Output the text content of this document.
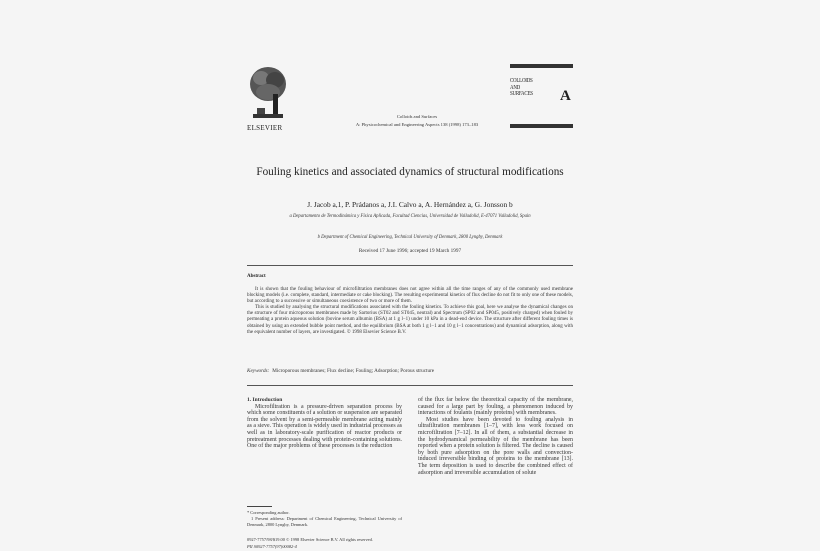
ELSEVIER
Colloids and Surfaces
A: Physicochemical and Engineering Aspects 138 (1998) 173–183
COLLOIDS
AND
SURFACES A
Fouling kinetics and associated dynamics of structural modifications
J. Jacob a,1, P. Prádanos a, J.I. Calvo a, A. Hernández a, G. Jonsson b
a Departamento de Termodinámica y Física Aplicada, Facultad Ciencias, Universidad de Valladolid, E-47071 Valladolid, Spain
b Department of Chemical Engineering, Technical University of Denmark, 2800 Lyngby, Denmark
Received 17 June 1996; accepted 19 March 1997
Abstract

It is shown that the fouling behaviour of microfiltration membranes does not agree within all the time ranges of any of the commonly used membrane blocking models (i.e. complete, standard, intermediate or cake blocking). The resulting experimental kinetics of flux decline do not fit to only one of these models, but according to a successive or simultaneous coexistence of two or more of them.

This is studied by analysing the structural modifications associated with the fouling kinetics. To achieve this goal, here we analyse the dynamical changes on the structure of four microporous membranes made by Sartorius (ST02 and ST045, neutral) and Spectrum (SP02 and SP045, positively charged) when fouled by permeating a protein aqueous solution (bovine serum albumin (BSA) at 1 g l−1) under 10 kPa in a dead-end device. The structure after different fouling times is obtained by using an extended bubble point method, and the equilibrium (BSA at both 1 g l−1 and 10 g l−1 concentrations) and dynamical adsorption, along with the equivalent number of layers, are investigated. © 1998 Elsevier Science B.V.

Keywords: Microporous membranes; Flux decline; Fouling; Adsorption; Porous structure

1. Introduction

Microfiltration is a pressure-driven separation process by which some constituents of a solution or suspension are separated from the solvent by a semi-permeable membrane acting mainly as a sieve. This operation is widely used in industrial processes as well as in laboratory-scale purification of reactor products or pretreatment processes dealing with protein-containing solutions. One of the major problems of these processes is the reduction

* Corresponding author.

1 Present address: Department of Chemical Engineering, Technical University of Denmark, 2800 Lyngby, Denmark.

0927-7757/98/$19.00 © 1998 Elsevier Science B.V. All rights reserved.
PII S0927-7757(97)00082-4

of the flux far below the theoretical capacity of the membrane, caused for a large part by fouling, a phenomenon induced by interactions of foulants (mainly proteins) with membranes.

Most studies have been devoted to fouling analysis in ultrafiltration membranes [1–7], with less work focused on microfiltration [7–12]. In all of them, a substantial decrease in the hydrodynamical permeability of the membrane has been reported when a protein solution is filtered. The decline is caused by both pure adsorption on the pore walls and convection-induced irreversible binding of proteins to the membrane [13]. The term deposition is used to describe the combined effect of adsorption and irreversible accumulation of solute
